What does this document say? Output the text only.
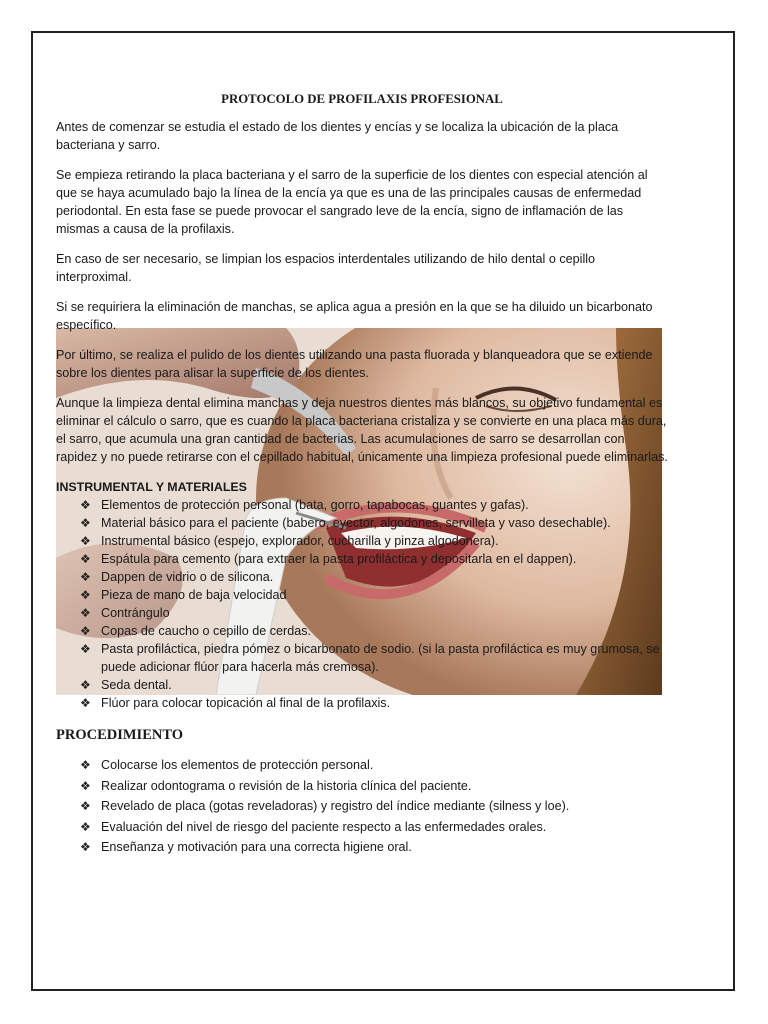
PROTOCOLO DE PROFILAXIS PROFESIONAL

Antes de comenzar se estudia el estado de los dientes y encías y se localiza la ubicación de la placa bacteriana y sarro.

Se empieza retirando la placa bacteriana y el sarro de la superficie de los dientes con especial atención al que se haya acumulado bajo la línea de la encía ya que es una de las principales causas de enfermedad periodontal. En esta fase se puede provocar el sangrado leve de la encía, signo de inflamación de las mismas a causa de la profilaxis.

En caso de ser necesario, se limpian los espacios interdentales utilizando de hilo dental o cepillo interproximal.

Si se requiriera la eliminación de manchas, se aplica agua a presión en la que se ha diluido un bicarbonato específico.

Por último, se realiza el pulido de los dientes utilizando una pasta fluorada y blanqueadora que se extiende sobre los dientes para alisar la superficie de los dientes.

Aunque la limpieza dental elimina manchas y deja nuestros dientes más blancos, su objetivo fundamental es eliminar el cálculo o sarro, que es cuando la placa bacteriana cristaliza y se convierte en una placa más dura, el sarro, que acumula una gran cantidad de bacterias. Las acumulaciones de sarro se desarrollan con rapidez y no puede retirarse con el cepillado habitual, únicamente una limpieza profesional puede eliminarlas.

INSTRUMENTAL Y MATERIALES
❖ Elementos de protección personal (bata, gorro, tapabocas, guantes y gafas).
❖ Material básico para el paciente (babero, eyector, algodones, servilleta y vaso desechable).
❖ Instrumental básico (espejo, explorador, cucharilla y pinza algodonera).
❖ Espátula para cemento (para extraer la pasta profiláctica y depositarla en el dappen).
❖ Dappen de vidrio o de silicona.
❖ Pieza de mano de baja velocidad
❖ Contrángulo
❖ Copas de caucho o cepillo de cerdas.
❖ Pasta profiláctica, piedra pómez o bicarbonato de sodio. (si la pasta profiláctica es muy grumosa, se puede adicionar flúor para hacerla más cremosa).
❖ Seda dental.
❖ Flúor para colocar topicación al final de la profilaxis.
PROCEDIMIENTO
❖ Colocarse los elementos de protección personal.
❖ Realizar odontograma o revisión de la historia clínica del paciente.
❖ Revelado de placa (gotas reveladoras) y registro del índice mediante (silness y loe).
❖ Evaluación del nivel de riesgo del paciente respecto a las enfermedades orales.
❖ Enseñanza y motivación para una correcta higiene oral.
